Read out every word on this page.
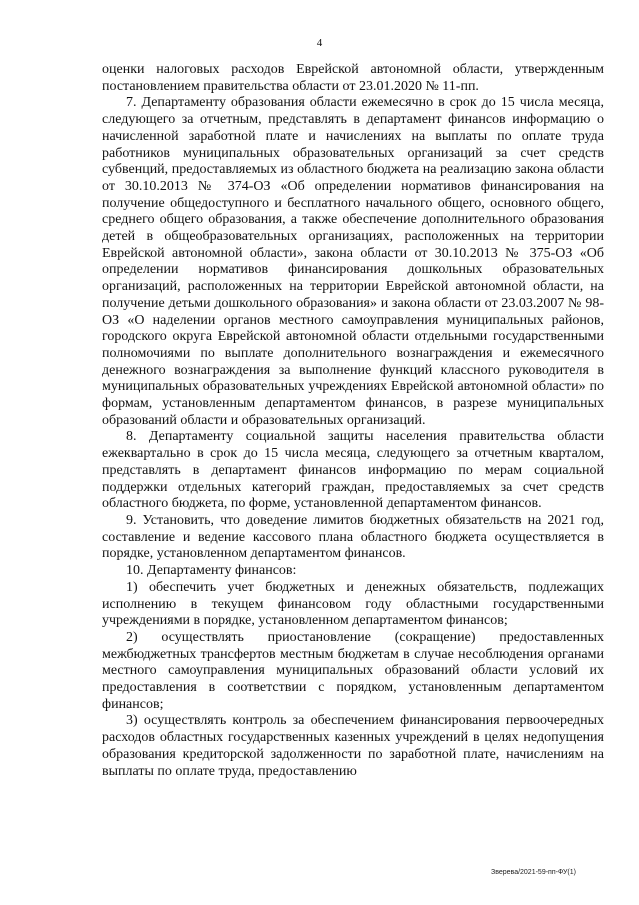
4

оценки налоговых расходов Еврейской автономной области, утвержденным постановлением правительства области от 23.01.2020 № 11-пп.

7. Департаменту образования области ежемесячно в срок до 15 числа месяца, следующего за отчетным, представлять в департамент финансов информацию о начисленной заработной плате и начислениях на выплаты по оплате труда работников муниципальных образовательных организаций за счет средств субвенций, предоставляемых из областного бюджета на реализацию закона области от 30.10.2013 № 374-ОЗ «Об определении нормативов финансирования на получение общедоступного и бесплатного начального общего, основного общего, среднего общего образования, а также обеспечение дополнительного образования детей в общеобразовательных организациях, расположенных на территории Еврейской автономной области», закона области от 30.10.2013 № 375-ОЗ «Об определении нормативов финансирования дошкольных образовательных организаций, расположенных на территории Еврейской автономной области, на получение детьми дошкольного образования» и закона области от 23.03.2007 № 98-ОЗ «О наделении органов местного самоуправления муниципальных районов, городского округа Еврейской автономной области отдельными государственными полномочиями по выплате дополнительного вознаграждения и ежемесячного денежного вознаграждения за выполнение функций классного руководителя в муниципальных образовательных учреждениях Еврейской автономной области» по формам, установленным департаментом финансов, в разрезе муниципальных образований области и образовательных организаций.

8. Департаменту социальной защиты населения правительства области ежеквартально в срок до 15 числа месяца, следующего за отчетным кварталом, представлять в департамент финансов информацию по мерам социальной поддержки отдельных категорий граждан, предоставляемых за счет средств областного бюджета, по форме, установленной департаментом финансов.

9. Установить, что доведение лимитов бюджетных обязательств на 2021 год, составление и ведение кассового плана областного бюджета осуществляется в порядке, установленном департаментом финансов.

10. Департаменту финансов:

1) обеспечить учет бюджетных и денежных обязательств, подлежащих исполнению в текущем финансовом году областными государственными учреждениями в порядке, установленном департаментом финансов;

2) осуществлять приостановление (сокращение) предоставленных межбюджетных трансфертов местным бюджетам в случае несоблюдения органами местного самоуправления муниципальных образований области условий их предоставления в соответствии с порядком, установленным департаментом финансов;

3) осуществлять контроль за обеспечением финансирования первоочередных расходов областных государственных казенных учреждений в целях недопущения образования кредиторской задолженности по заработной плате, начислениям на выплаты по оплате труда, предоставлению

Зверева/2021-59-пп-ФУ(1)
